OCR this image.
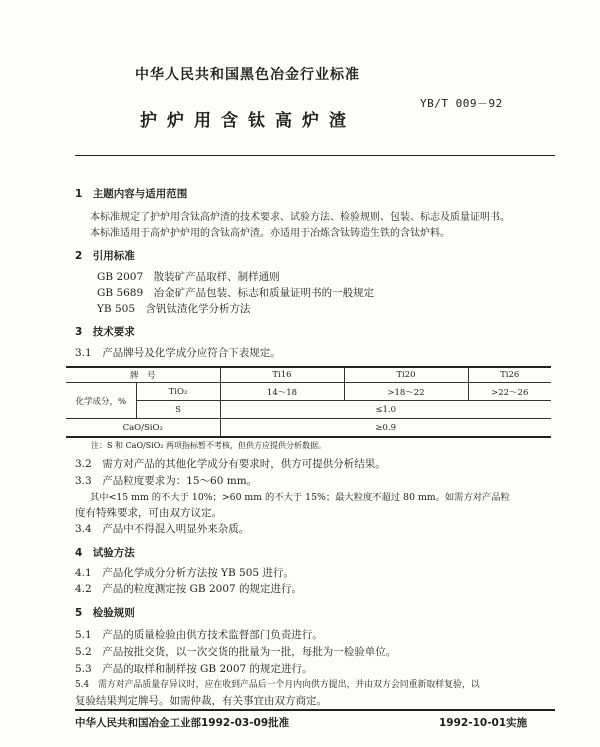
中华人民共和国黑色冶金行业标准
YB/T 009－92
护炉用含钛高炉渣
1　主题内容与适用范围
本标准规定了护炉用含钛高炉渣的技术要求、试验方法、检验规则、包装、标志及质量证明书。
本标准适用于高炉护炉用的含钛高炉渣。亦适用于冶炼含钛铸造生铁的含钛炉料。
2　引用标准
GB 2007　散装矿产品取样、制样通则
GB 5689　冶金矿产品包装、标志和质量证明书的一般规定
YB 505　含钒钛渣化学分析方法
3　技术要求
3.1　产品牌号及化学成分应符合下表规定。
牌　号		Ti16	Ti20	Ti26
化学成分，%	TiO₂	14～18	>18～22	>22～26
	S	≤1.0		
CaO/SiO₂		≥0.9		
注：S 和 CaO/SiO₂ 两项指标暂不考核，但供方应提供分析数据。
3.2　需方对产品的其他化学成分有要求时，供方可提供分析结果。
3.3　产品粒度要求为：15～60 mm。
其中<15 mm 的不大于 10%；>60 mm 的不大于 15%；最大粒度不超过 80 mm。如需方对产品粒
度有特殊要求，可由双方议定。
3.4　产品中不得混入明显外来杂质。
4　试验方法
4.1　产品化学成分分析方法按 YB 505 进行。
4.2　产品的粒度测定按 GB 2007 的规定进行。
5　检验规则
5.1　产品的质量检验由供方技术监督部门负责进行。
5.2　产品按批交货，以一次交货的批量为一批，每批为一检验单位。
5.3　产品的取样和制样按 GB 2007 的规定进行。
5.4　需方对产品质量存异议时，应在收到产品后一个月内向供方提出，并由双方会同重新取样复验，以
复验结果判定牌号。如需仲裁，有关事宜由双方商定。
中华人民共和国冶金工业部1992-03-09批准	1992-10-01实施
